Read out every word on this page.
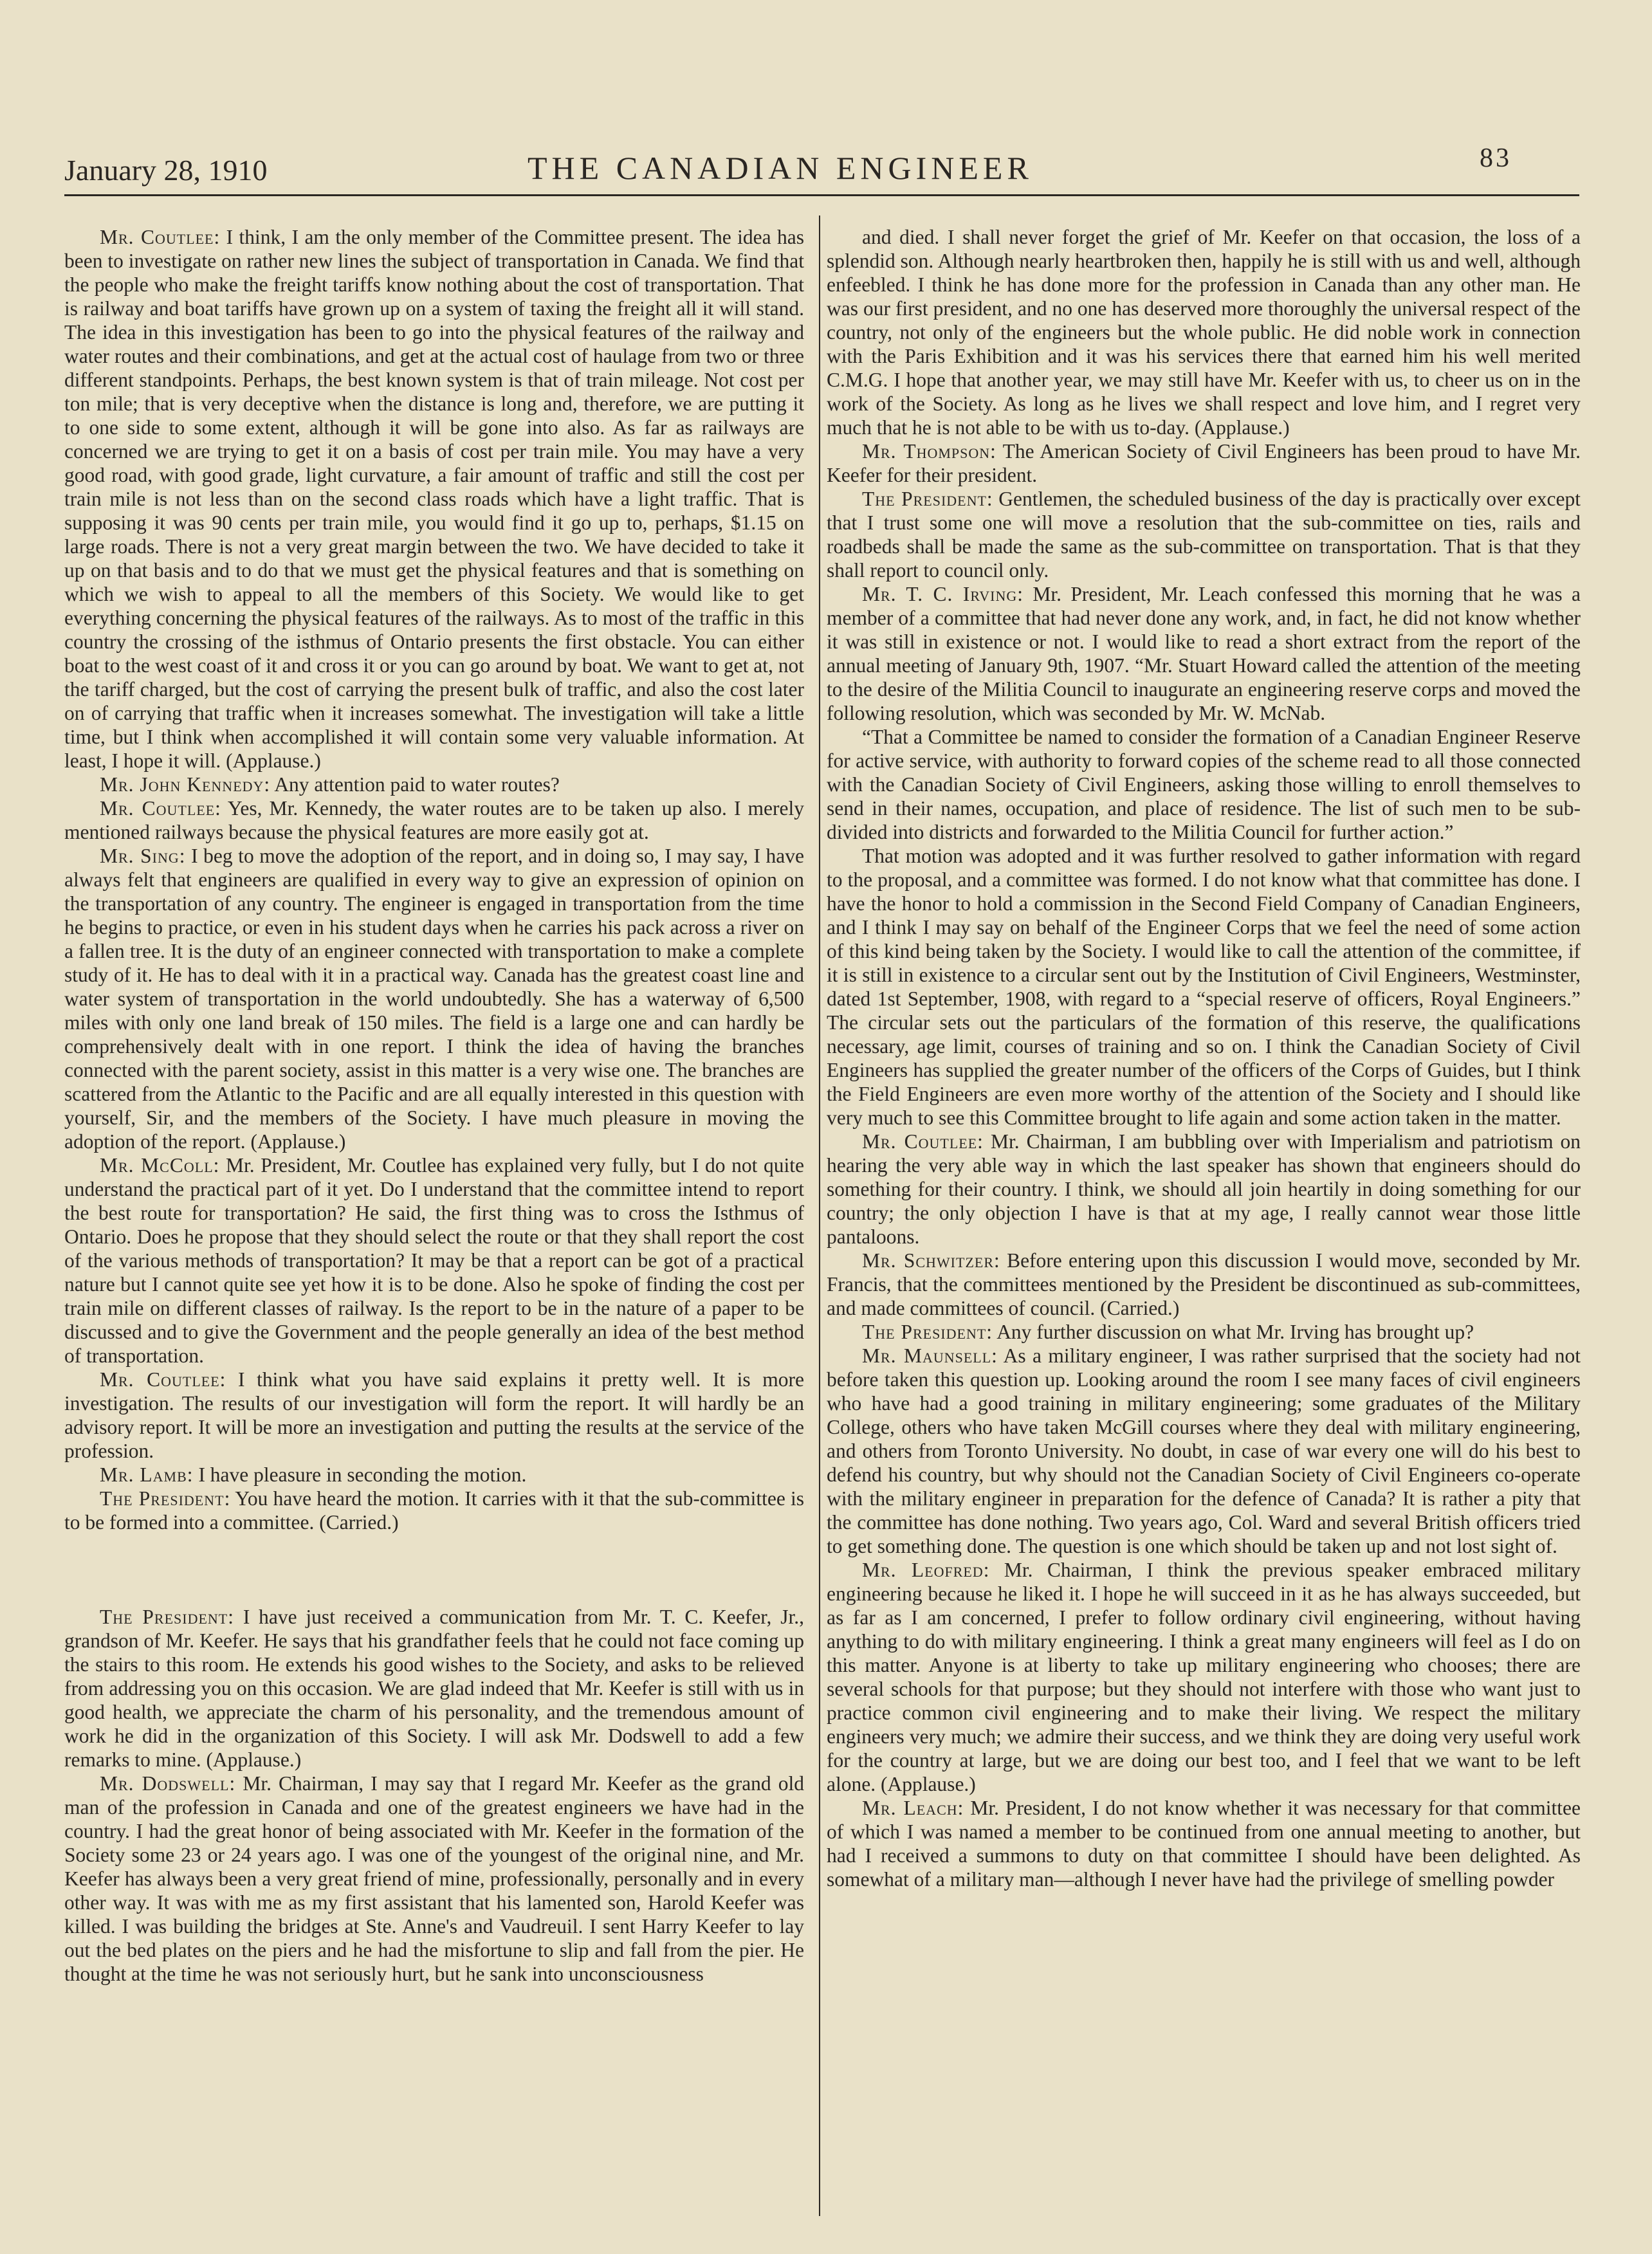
January 28, 1910	THE CANADIAN ENGINEER	83

Mr. Coutlee: I think, I am the only member of the Committee present. The idea has been to investigate on rather new lines the subject of transportation in Canada. We find that the people who make the freight tariffs know nothing about the cost of transportation. That is railway and boat tariffs have grown up on a system of taxing the freight all it will stand. The idea in this investigation has been to go into the physical features of the railway and water routes and their combinations, and get at the actual cost of haulage from two or three different standpoints. Perhaps, the best known system is that of train mileage. Not cost per ton mile; that is very deceptive when the distance is long and, therefore, we are putting it to one side to some extent, although it will be gone into also. As far as railways are concerned we are trying to get it on a basis of cost per train mile. You may have a very good road, with good grade, light curvature, a fair amount of traffic and still the cost per train mile is not less than on the second class roads which have a light traffic. That is supposing it was 90 cents per train mile, you would find it go up to, perhaps, $1.15 on large roads. There is not a very great margin between the two. We have decided to take it up on that basis and to do that we must get the physical features and that is something on which we wish to appeal to all the members of this Society. We would like to get everything concerning the physical features of the railways. As to most of the traffic in this country the crossing of the isthmus of Ontario presents the first obstacle. You can either boat to the west coast of it and cross it or you can go around by boat. We want to get at, not the tariff charged, but the cost of carrying the present bulk of traffic, and also the cost later on of carrying that traffic when it increases somewhat. The investigation will take a little time, but I think when accomplished it will contain some very valuable information. At least, I hope it will. (Applause.)

Mr. John Kennedy: Any attention paid to water routes?

Mr. Coutlee: Yes, Mr. Kennedy, the water routes are to be taken up also. I merely mentioned railways because the physical features are more easily got at.

Mr. Sing: I beg to move the adoption of the report, and in doing so, I may say, I have always felt that engineers are qualified in every way to give an expression of opinion on the transportation of any country. The engineer is engaged in transportation from the time he begins to practice, or even in his student days when he carries his pack across a river on a fallen tree. It is the duty of an engineer connected with transportation to make a complete study of it. He has to deal with it in a practical way. Canada has the greatest coast line and water system of transportation in the world undoubtedly. She has a waterway of 6,500 miles with only one land break of 150 miles. The field is a large one and can hardly be comprehensively dealt with in one report. I think the idea of having the branches connected with the parent society, assist in this matter is a very wise one. The branches are scattered from the Atlantic to the Pacific and are all equally interested in this question with yourself, Sir, and the members of the Society. I have much pleasure in moving the adoption of the report. (Applause.)

Mr. McColl: Mr. President, Mr. Coutlee has explained very fully, but I do not quite understand the practical part of it yet. Do I understand that the committee intend to report the best route for transportation? He said, the first thing was to cross the Isthmus of Ontario. Does he propose that they should select the route or that they shall report the cost of the various methods of transportation? It may be that a report can be got of a practical nature but I cannot quite see yet how it is to be done. Also he spoke of finding the cost per train mile on different classes of railway. Is the report to be in the nature of a paper to be discussed and to give the Government and the people generally an idea of the best method of transportation.

Mr. Coutlee: I think what you have said explains it pretty well. It is more investigation. The results of our investigation will form the report. It will hardly be an advisory report. It will be more an investigation and putting the results at the service of the profession.

Mr. Lamb: I have pleasure in seconding the motion.

The President: You have heard the motion. It carries with it that the sub-committee is to be formed into a committee. (Carried.)

The President: I have just received a communication from Mr. T. C. Keefer, Jr., grandson of Mr. Keefer. He says that his grandfather feels that he could not face coming up the stairs to this room. He extends his good wishes to the Society, and asks to be relieved from addressing you on this occasion. We are glad indeed that Mr. Keefer is still with us in good health, we appreciate the charm of his personality, and the tremendous amount of work he did in the organization of this Society. I will ask Mr. Dodswell to add a few remarks to mine. (Applause.)

Mr. Dodswell: Mr. Chairman, I may say that I regard Mr. Keefer as the grand old man of the profession in Canada and one of the greatest engineers we have had in the country. I had the great honor of being associated with Mr. Keefer in the formation of the Society some 23 or 24 years ago. I was one of the youngest of the original nine, and Mr. Keefer has always been a very great friend of mine, professionally, personally and in every other way. It was with me as my first assistant that his lamented son, Harold Keefer was killed. I was building the bridges at Ste. Anne's and Vaudreuil. I sent Harry Keefer to lay out the bed plates on the piers and he had the misfortune to slip and fall from the pier. He thought at the time he was not seriously hurt, but he sank into unconsciousness

and died. I shall never forget the grief of Mr. Keefer on that occasion, the loss of a splendid son. Although nearly heartbroken then, happily he is still with us and well, although enfeebled. I think he has done more for the profession in Canada than any other man. He was our first president, and no one has deserved more thoroughly the universal respect of the country, not only of the engineers but the whole public. He did noble work in connection with the Paris Exhibition and it was his services there that earned him his well merited C.M.G. I hope that another year, we may still have Mr. Keefer with us, to cheer us on in the work of the Society. As long as he lives we shall respect and love him, and I regret very much that he is not able to be with us to-day. (Applause.)

Mr. Thompson: The American Society of Civil Engineers has been proud to have Mr. Keefer for their president.

The President: Gentlemen, the scheduled business of the day is practically over except that I trust some one will move a resolution that the sub-committee on ties, rails and roadbeds shall be made the same as the sub-committee on transportation. That is that they shall report to council only.

Mr. T. C. Irving: Mr. President, Mr. Leach confessed this morning that he was a member of a committee that had never done any work, and, in fact, he did not know whether it was still in existence or not. I would like to read a short extract from the report of the annual meeting of January 9th, 1907. “Mr. Stuart Howard called the attention of the meeting to the desire of the Militia Council to inaugurate an engineering reserve corps and moved the following resolution, which was seconded by Mr. W. McNab.

“That a Committee be named to consider the formation of a Canadian Engineer Reserve for active service, with authority to forward copies of the scheme read to all those connected with the Canadian Society of Civil Engineers, asking those willing to enroll themselves to send in their names, occupation, and place of residence. The list of such men to be sub-divided into districts and forwarded to the Militia Council for further action.”

That motion was adopted and it was further resolved to gather information with regard to the proposal, and a committee was formed. I do not know what that committee has done. I have the honor to hold a commission in the Second Field Company of Canadian Engineers, and I think I may say on behalf of the Engineer Corps that we feel the need of some action of this kind being taken by the Society. I would like to call the attention of the committee, if it is still in existence to a circular sent out by the Institution of Civil Engineers, Westminster, dated 1st September, 1908, with regard to a “special reserve of officers, Royal Engineers.” The circular sets out the particulars of the formation of this reserve, the qualifications necessary, age limit, courses of training and so on. I think the Canadian Society of Civil Engineers has supplied the greater number of the officers of the Corps of Guides, but I think the Field Engineers are even more worthy of the attention of the Society and I should like very much to see this Committee brought to life again and some action taken in the matter.

Mr. Coutlee: Mr. Chairman, I am bubbling over with Imperialism and patriotism on hearing the very able way in which the last speaker has shown that engineers should do something for their country. I think, we should all join heartily in doing something for our country; the only objection I have is that at my age, I really cannot wear those little pantaloons.

Mr. Schwitzer: Before entering upon this discussion I would move, seconded by Mr. Francis, that the committees mentioned by the President be discontinued as sub-committees, and made committees of council. (Carried.)

The President: Any further discussion on what Mr. Irving has brought up?

Mr. Maunsell: As a military engineer, I was rather surprised that the society had not before taken this question up. Looking around the room I see many faces of civil engineers who have had a good training in military engineering; some graduates of the Military College, others who have taken McGill courses where they deal with military engineering, and others from Toronto University. No doubt, in case of war every one will do his best to defend his country, but why should not the Canadian Society of Civil Engineers co-operate with the military engineer in preparation for the defence of Canada? It is rather a pity that the committee has done nothing. Two years ago, Col. Ward and several British officers tried to get something done. The question is one which should be taken up and not lost sight of.

Mr. Leofred: Mr. Chairman, I think the previous speaker embraced military engineering because he liked it. I hope he will succeed in it as he has always succeeded, but as far as I am concerned, I prefer to follow ordinary civil engineering, without having anything to do with military engineering. I think a great many engineers will feel as I do on this matter. Anyone is at liberty to take up military engineering who chooses; there are several schools for that purpose; but they should not interfere with those who want just to practice common civil engineering and to make their living. We respect the military engineers very much; we admire their success, and we think they are doing very useful work for the country at large, but we are doing our best too, and I feel that we want to be left alone. (Applause.)

Mr. Leach: Mr. President, I do not know whether it was necessary for that committee of which I was named a member to be continued from one annual meeting to another, but had I received a summons to duty on that committee I should have been delighted. As somewhat of a military man—although I never have had the privilege of smelling powder
